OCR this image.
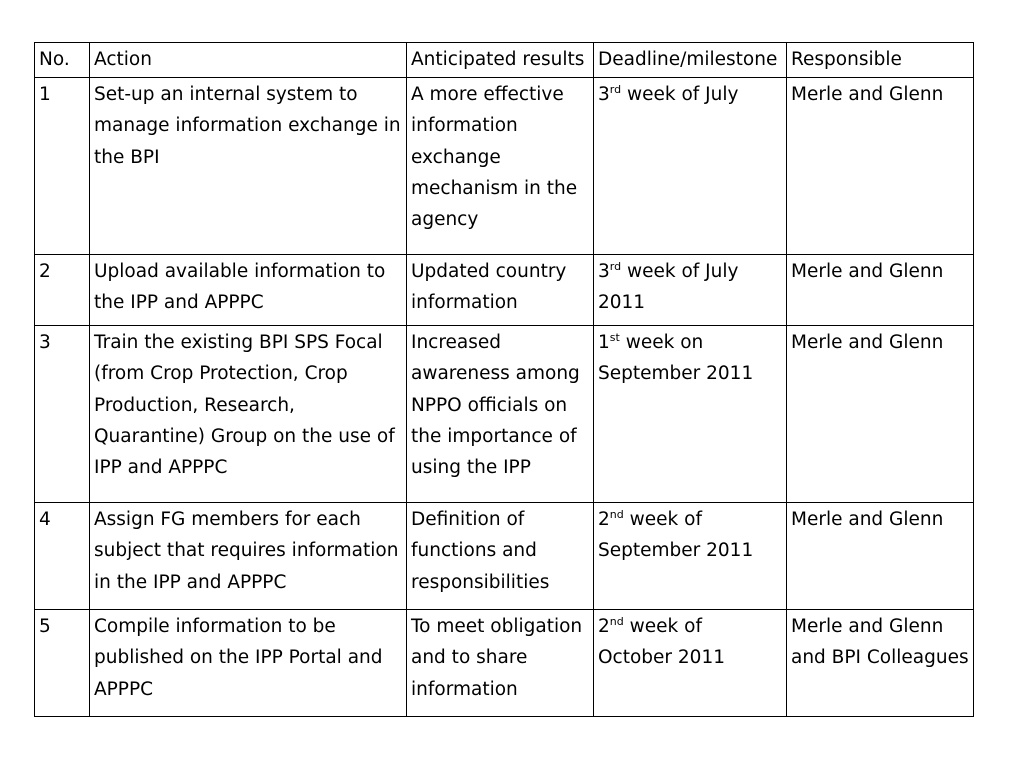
No.	Action	Anticipated results	Deadline/milestone	Responsible
1	Set-up an internal system to
manage information exchange in
the BPI	A more effective
information
exchange
mechanism in the
agency	3rd week of July	Merle and Glenn
2	Upload available information to
the IPP and APPPC	Updated country
information	3rd week of July
2011	Merle and Glenn
3	Train the existing BPI SPS Focal
(from Crop Protection, Crop
Production, Research,
Quarantine) Group on the use of
IPP and APPPC	Increased
awareness among
NPPO officials on
the importance of
using the IPP	1st week on
September 2011	Merle and Glenn
4	Assign FG members for each
subject that requires information
in the IPP and APPPC	Definition of
functions and
responsibilities	2nd week of
September 2011	Merle and Glenn
5	Compile information to be
published on the IPP Portal and
APPPC	To meet obligation
and to share
information	2nd week of
October 2011	Merle and Glenn
and BPI Colleagues
